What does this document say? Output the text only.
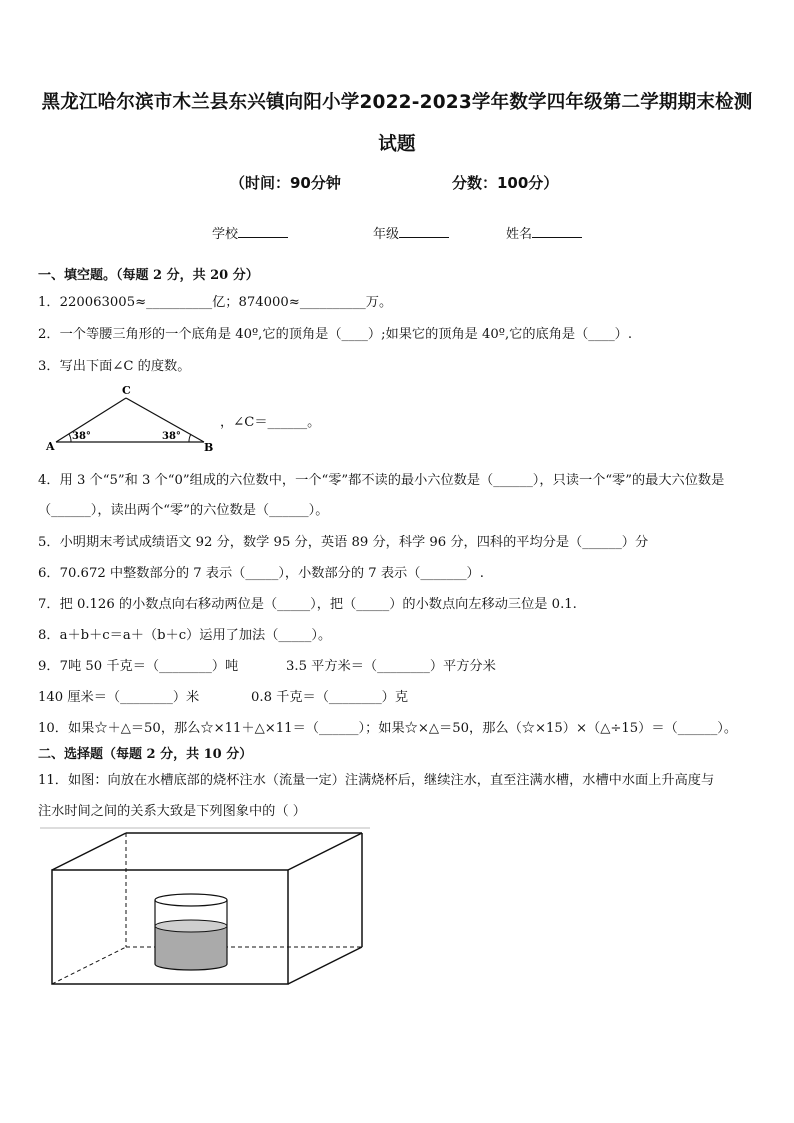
黑龙江哈尔滨市木兰县东兴镇向阳小学2022-2023学年数学四年级第二学期期末检测
试题
（时间：90分钟	分数：100分）
学校	年级	姓名
一、填空题。（每题 2 分，共 20 分）
1．220063005≈__________亿；874000≈__________万。
2．一个等腰三角形的一个底角是 40º,它的顶角是（____）;如果它的顶角是 40º,它的底角是（____）.
3．写出下面∠C 的度数。
A	B
C
38°	38°
，∠C＝______。
4．用 3 个“5”和 3 个“0”组成的六位数中，一个“零”都不读的最小六位数是（______），只读一个“零”的最大六位数是
（______），读出两个“零”的六位数是（______）。
5．小明期末考试成绩语文 92 分，数学 95 分，英语 89 分，科学 96 分，四科的平均分是（______）分
6．70.672 中整数部分的 7 表示（_____），小数部分的 7 表示（_______）.
7．把 0.126 的小数点向右移动两位是（_____），把（_____）的小数点向左移动三位是 0.1.
8．a＋b＋c＝a＋（b＋c）运用了加法（_____）。
9．7吨 50 千克＝（________）吨	3.5 平方米＝（________）平方分米
140 厘米＝（________）米	0.8 千克＝（________）克
10．如果☆＋△＝50，那么☆×11＋△×11＝（______）；如果☆×△＝50，那么（☆×15）×（△÷15）＝（______）。
二、选择题（每题 2 分，共 10 分）
11．如图：向放在水槽底部的烧杯注水（流量一定）注满烧杯后，继续注水，直至注满水槽，水槽中水面上升高度与
注水时间之间的关系大致是下列图象中的（ ）
